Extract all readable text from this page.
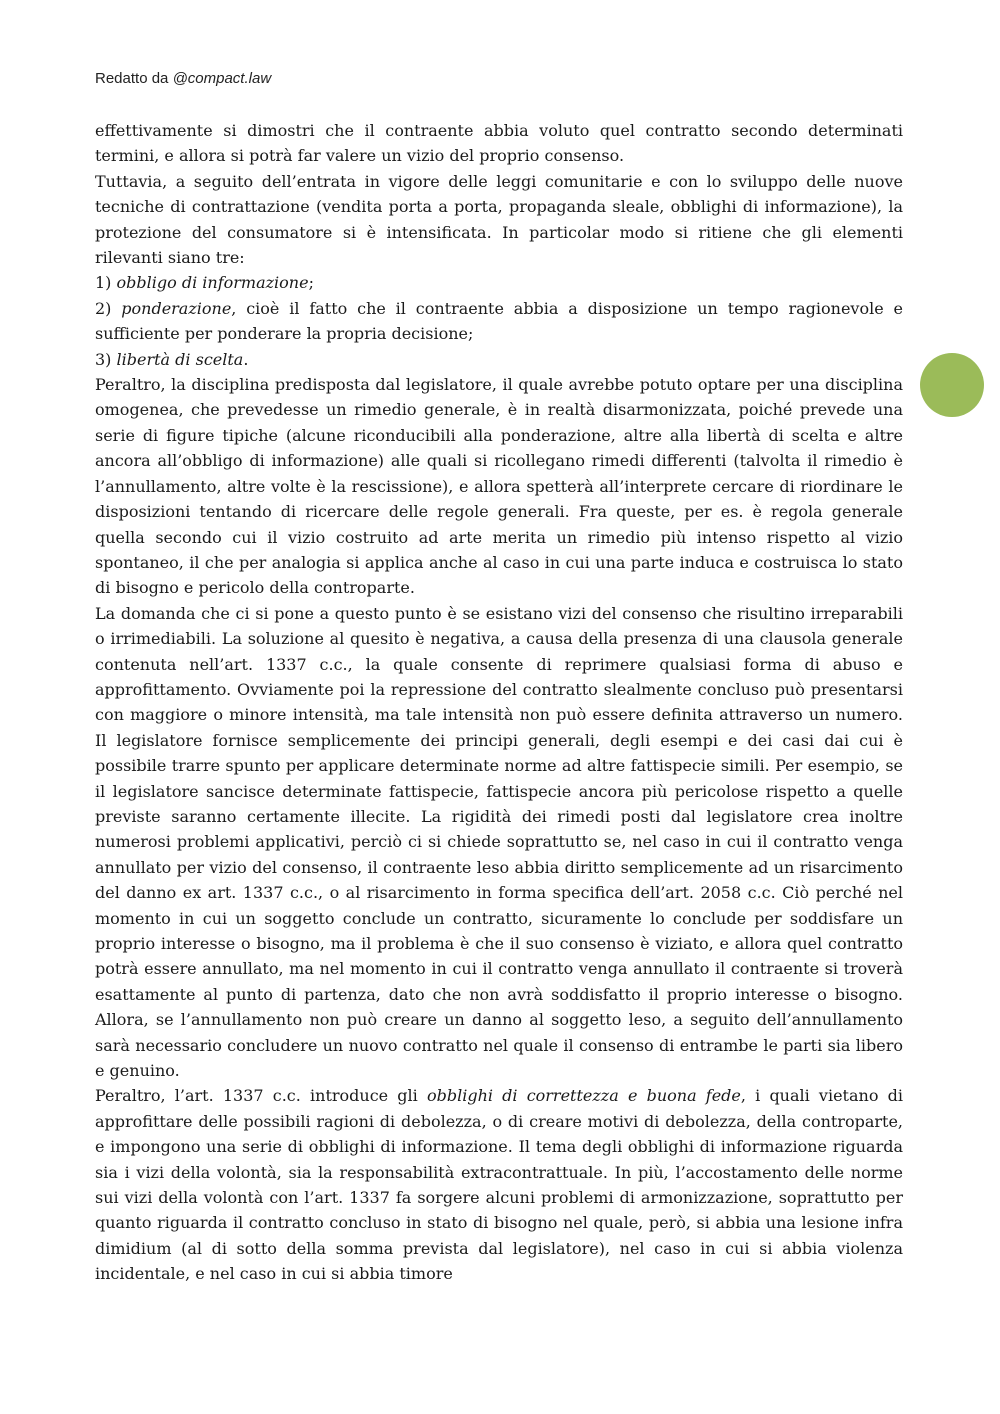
Redatto da @compact.law

effettivamente si dimostri che il contraente abbia voluto quel contratto secondo determinati termini, e allora si potrà far valere un vizio del proprio consenso.

Tuttavia, a seguito dell’entrata in vigore delle leggi comunitarie e con lo sviluppo delle nuove tecniche di contrattazione (vendita porta a porta, propaganda sleale, obblighi di informazione), la protezione del consumatore si è intensificata. In particolar modo si ritiene che gli elementi rilevanti siano tre:

1) obbligo di informazione;

2) ponderazione, cioè il fatto che il contraente abbia a disposizione un tempo ragionevole e sufficiente per ponderare la propria decisione;

3) libertà di scelta.

Peraltro, la disciplina predisposta dal legislatore, il quale avrebbe potuto optare per una disciplina omogenea, che prevedesse un rimedio generale, è in realtà disarmonizzata, poiché prevede una serie di figure tipiche (alcune riconducibili alla ponderazione, altre alla libertà di scelta e altre ancora all’obbligo di informazione) alle quali si ricollegano rimedi differenti (talvolta il rimedio è l’annullamento, altre volte è la rescissione), e allora spetterà all’interprete cercare di riordinare le disposizioni tentando di ricercare delle regole generali. Fra queste, per es. è regola generale quella secondo cui il vizio costruito ad arte merita un rimedio più intenso rispetto al vizio spontaneo, il che per analogia si applica anche al caso in cui una parte induca e costruisca lo stato di bisogno e pericolo della controparte.

La domanda che ci si pone a questo punto è se esistano vizi del consenso che risultino irreparabili o irrimediabili. La soluzione al quesito è negativa, a causa della presenza di una clausola generale contenuta nell’art. 1337 c.c., la quale consente di reprimere qualsiasi forma di abuso e approfittamento. Ovviamente poi la repressione del contratto slealmente concluso può presentarsi con maggiore o minore intensità, ma tale intensità non può essere definita attraverso un numero. Il legislatore fornisce semplicemente dei principi generali, degli esempi e dei casi dai cui è possibile trarre spunto per applicare determinate norme ad altre fattispecie simili. Per esempio, se il legislatore sancisce determinate fattispecie, fattispecie ancora più pericolose rispetto a quelle previste saranno certamente illecite. La rigidità dei rimedi posti dal legislatore crea inoltre numerosi problemi applicativi, perciò ci si chiede soprattutto se, nel caso in cui il contratto venga annullato per vizio del consenso, il contraente leso abbia diritto semplicemente ad un risarcimento del danno ex art. 1337 c.c., o al risarcimento in forma specifica dell’art. 2058 c.c. Ciò perché nel momento in cui un soggetto conclude un contratto, sicuramente lo conclude per soddisfare un proprio interesse o bisogno, ma il problema è che il suo consenso è viziato, e allora quel contratto potrà essere annullato, ma nel momento in cui il contratto venga annullato il contraente si troverà esattamente al punto di partenza, dato che non avrà soddisfatto il proprio interesse o bisogno. Allora, se l’annullamento non può creare un danno al soggetto leso, a seguito dell’annullamento sarà necessario concludere un nuovo contratto nel quale il consenso di entrambe le parti sia libero e genuino.

Peraltro, l’art. 1337 c.c. introduce gli obblighi di correttezza e buona fede, i quali vietano di approfittare delle possibili ragioni di debolezza, o di creare motivi di debolezza, della controparte, e impongono una serie di obblighi di informazione. Il tema degli obblighi di informazione riguarda sia i vizi della volontà, sia la responsabilità extracontrattuale. In più, l’accostamento delle norme sui vizi della volontà con l’art. 1337 fa sorgere alcuni problemi di armonizzazione, soprattutto per quanto riguarda il contratto concluso in stato di bisogno nel quale, però, si abbia una lesione infra dimidium (al di sotto della somma prevista dal legislatore), nel caso in cui si abbia violenza incidentale, e nel caso in cui si abbia timore
